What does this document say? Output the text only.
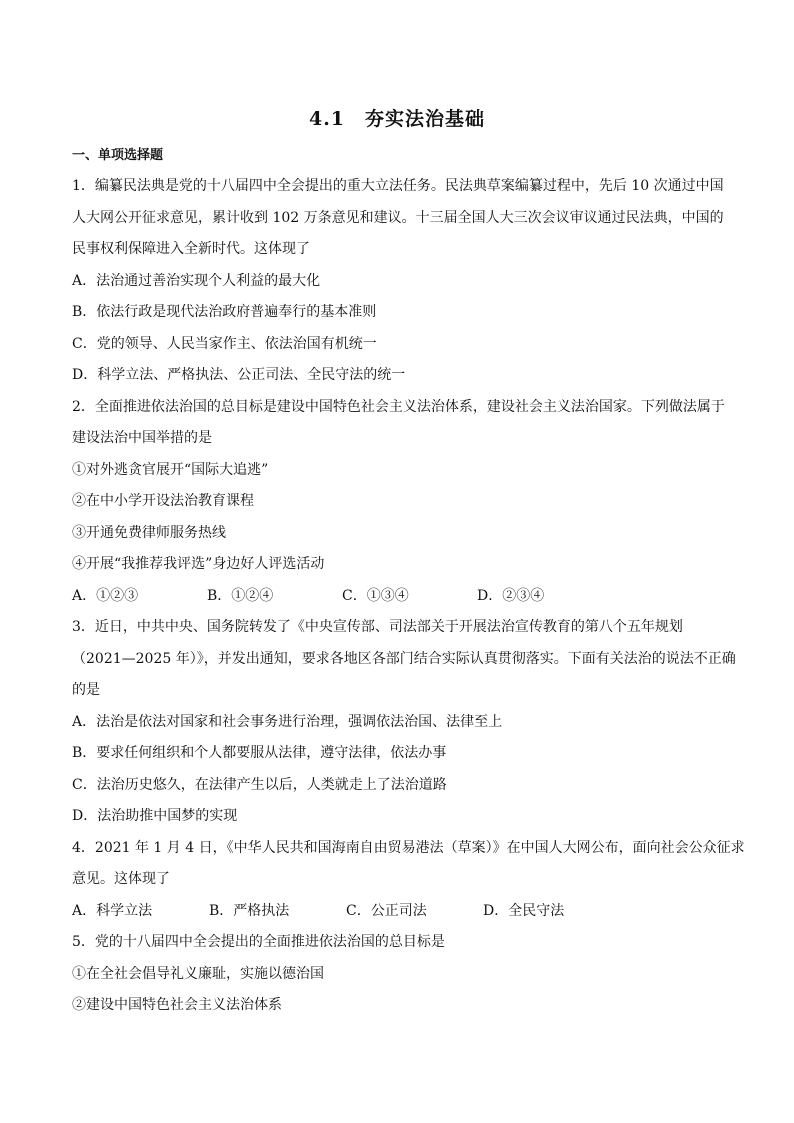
4.1　夯实法治基础
一、单项选择题
1．编纂民法典是党的十八届四中全会提出的重大立法任务。民法典草案编纂过程中，先后 10 次通过中国
人大网公开征求意见，累计收到 102 万条意见和建议。十三届全国人大三次会议审议通过民法典，中国的
民事权利保障进入全新时代。这体现了
A．法治通过善治实现个人利益的最大化
B．依法行政是现代法治政府普遍奉行的基本准则
C．党的领导、人民当家作主、依法治国有机统一
D．科学立法、严格执法、公正司法、全民守法的统一
2．全面推进依法治国的总目标是建设中国特色社会主义法治体系，建设社会主义法治国家。下列做法属于
建设法治中国举措的是
①对外逃贪官展开“国际大追逃”
②在中小学开设法治教育课程
③开通免费律师服务热线
④开展“我推荐我评选”身边好人评选活动
A．①②③	B．①②④	C．①③④	D．②③④
3．近日，中共中央、国务院转发了《中央宣传部、司法部关于开展法治宣传教育的第八个五年规划
（2021—2025 年）》，并发出通知，要求各地区各部门结合实际认真贯彻落实。下面有关法治的说法不正确
的是
A．法治是依法对国家和社会事务进行治理，强调依法治国、法律至上
B．要求任何组织和个人都要服从法律，遵守法律，依法办事
C．法治历史悠久，在法律产生以后，人类就走上了法治道路
D．法治助推中国梦的实现
4．2021 年 1 月 4 日，《中华人民共和国海南自由贸易港法（草案）》在中国人大网公布，面向社会公众征求
意见。这体现了
A．科学立法	B．严格执法	C．公正司法	D．全民守法
5．党的十八届四中全会提出的全面推进依法治国的总目标是
①在全社会倡导礼义廉耻，实施以德治国
②建设中国特色社会主义法治体系
